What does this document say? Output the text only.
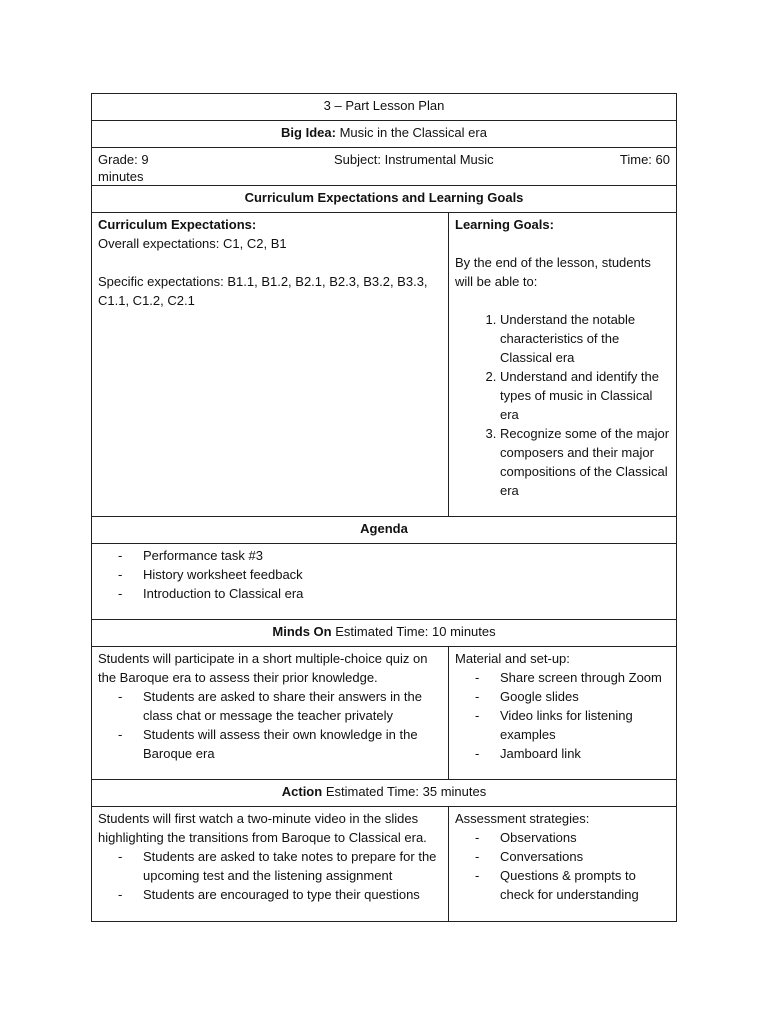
3 – Part Lesson Plan
Big Idea: Music in the Classical era
Grade: 9	Subject: Instrumental Music	Time: 60
minutes
Curriculum Expectations and Learning Goals
Curriculum Expectations:
Overall expectations: C1, C2, B1
Specific expectations: B1.1, B1.2, B2.1, B2.3, B3.2, B3.3, C1.1, C1.2, C2.1
Learning Goals:
By the end of the lesson, students will be able to:
1. Understand the notable characteristics of the Classical era
2. Understand and identify the types of music in Classical era
3. Recognize some of the major composers and their major compositions of the Classical era
Agenda
- Performance task #3
- History worksheet feedback
- Introduction to Classical era
Minds On Estimated Time: 10 minutes
Students will participate in a short multiple-choice quiz on the Baroque era to assess their prior knowledge.
- Students are asked to share their answers in the class chat or message the teacher privately
- Students will assess their own knowledge in the Baroque era
Material and set-up:
- Share screen through Zoom
- Google slides
- Video links for listening examples
- Jamboard link
Action Estimated Time: 35 minutes
Students will first watch a two-minute video in the slides highlighting the transitions from Baroque to Classical era.
- Students are asked to take notes to prepare for the upcoming test and the listening assignment
- Students are encouraged to type their questions
Assessment strategies:
- Observations
- Conversations
- Questions & prompts to check for understanding
